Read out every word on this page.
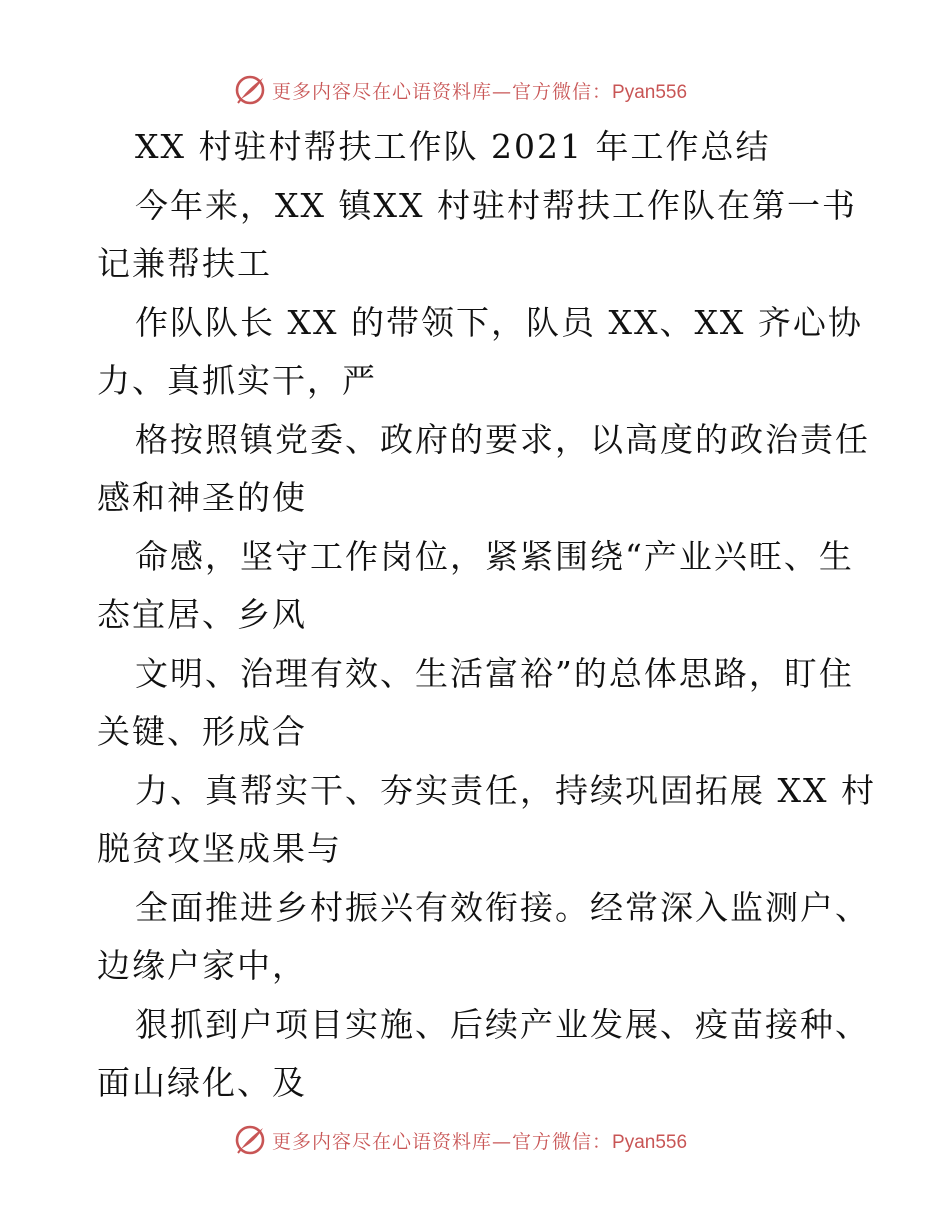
更多内容尽在心语资料库—官方微信：Pyan556
XX 村驻村帮扶工作队 2021 年工作总结
今年来，XX 镇XX 村驻村帮扶工作队在第一书
记兼帮扶工
作队队长 XX 的带领下，队员 XX、XX 齐心协
力、真抓实干，严
格按照镇党委、政府的要求，以高度的政治责任
感和神圣的使
命感，坚守工作岗位，紧紧围绕“产业兴旺、生
态宜居、乡风
文明、治理有效、生活富裕”的总体思路，盯住
关键、形成合
力、真帮实干、夯实责任，持续巩固拓展 XX 村
脱贫攻坚成果与
全面推进乡村振兴有效衔接。经常深入监测户、
边缘户家中，
狠抓到户项目实施、后续产业发展、疫苗接种、
面山绿化、及
更多内容尽在心语资料库—官方微信：Pyan556
